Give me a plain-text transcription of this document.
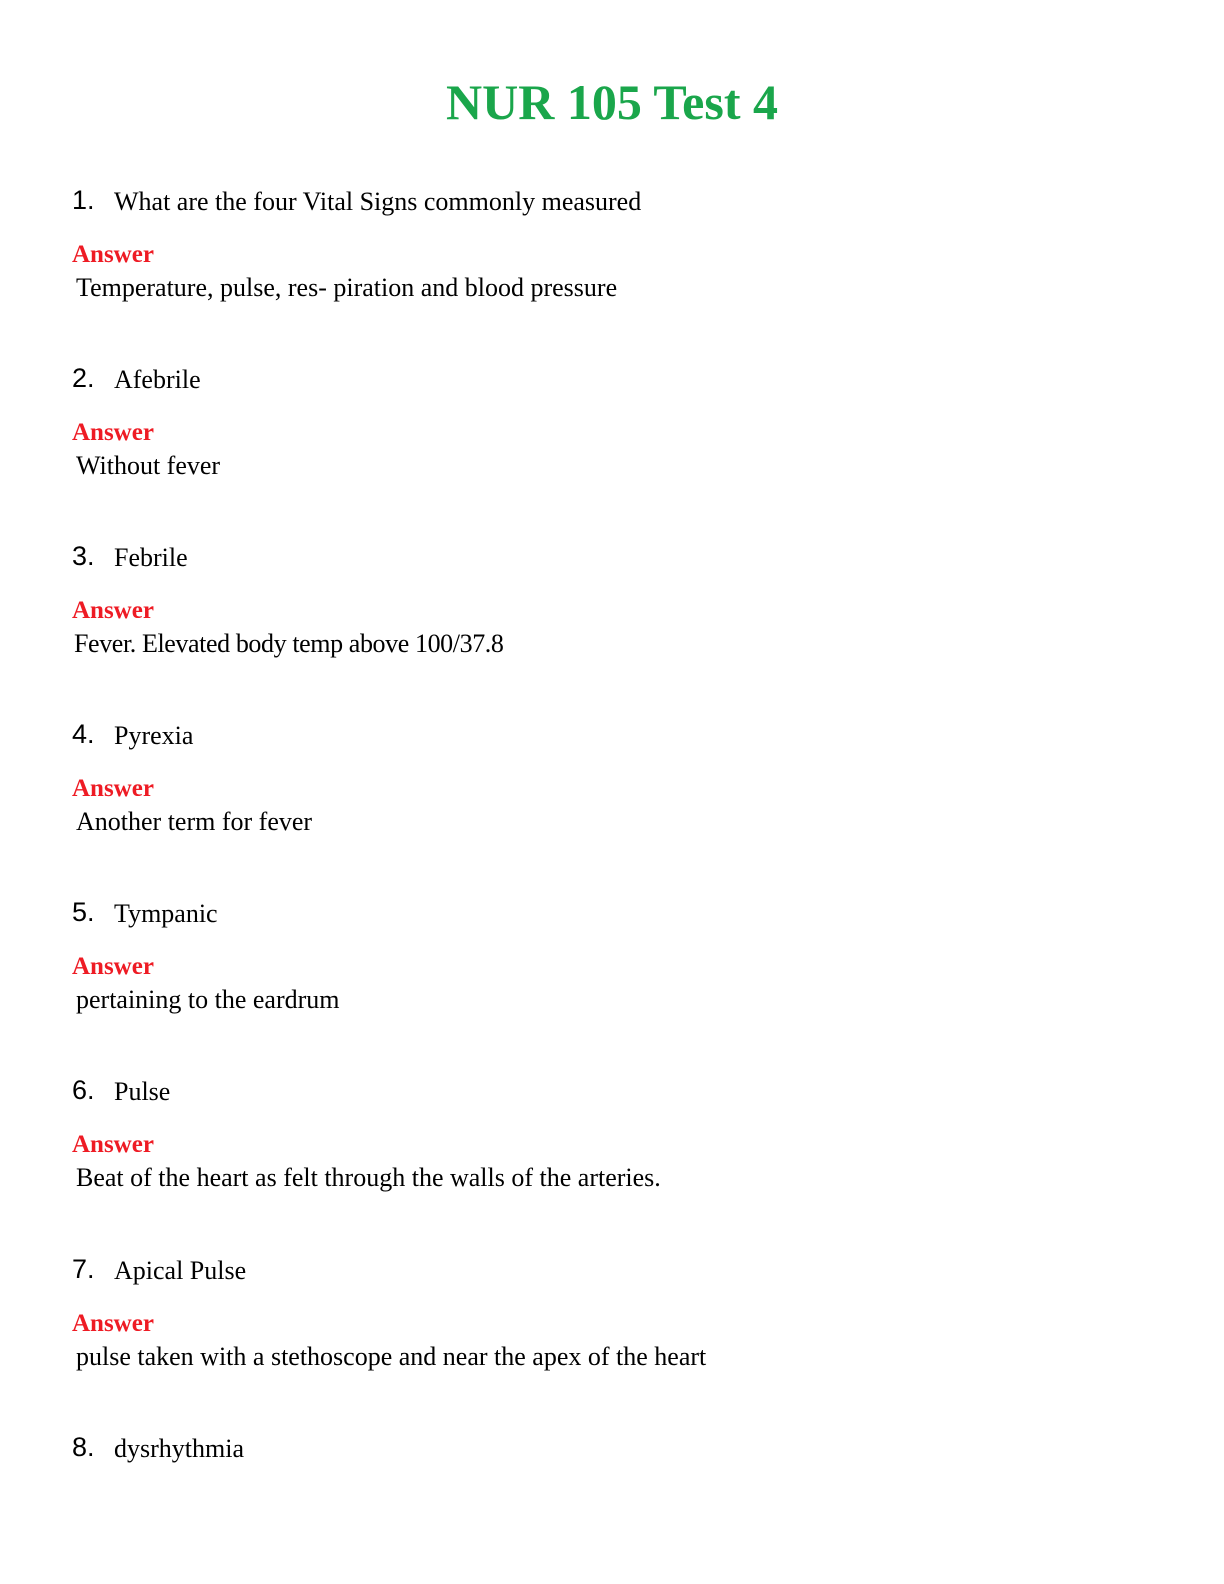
NUR 105 Test 4
1. What are the four Vital Signs commonly measured
Answer
Temperature, pulse, res- piration and blood pressure
2. Afebrile
Answer
Without fever
3. Febrile
Answer
Fever. Elevated body temp above 100/37.8
4. Pyrexia
Answer
Another term for fever
5. Tympanic
Answer
pertaining to the eardrum
6. Pulse
Answer
Beat of the heart as felt through the walls of the arteries.
7. Apical Pulse
Answer
pulse taken with a stethoscope and near the apex of the heart
8. dysrhythmia
